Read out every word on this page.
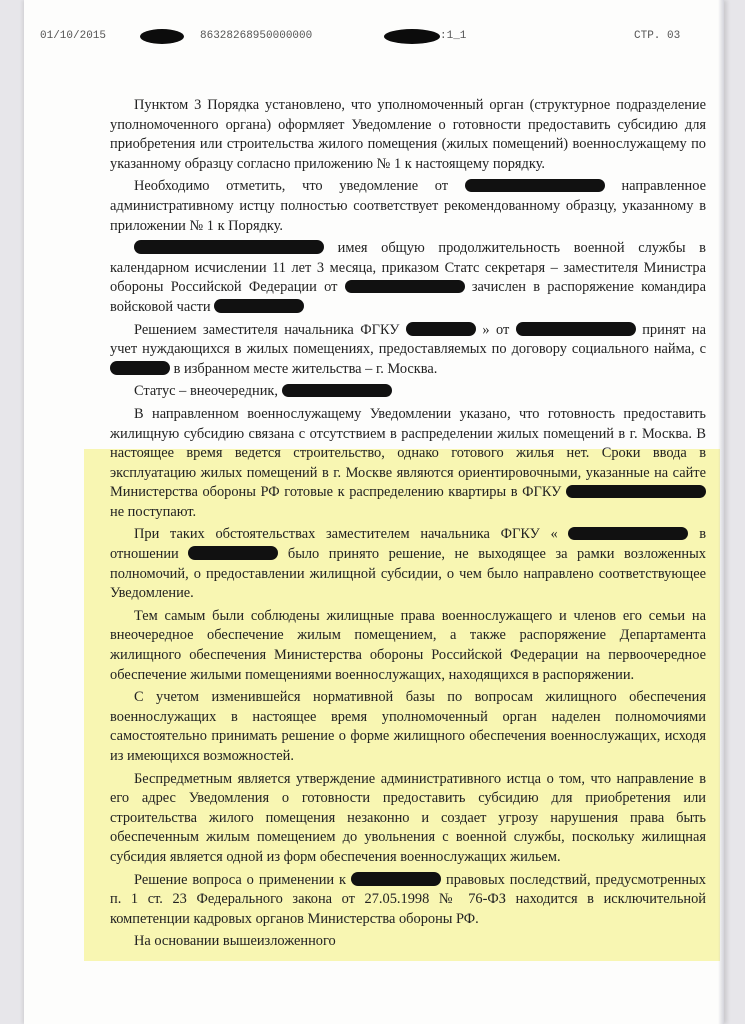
01/10/2015	86328268950000000	:1_1	СТР. 03

Пунктом 3 Порядка установлено, что уполномоченный орган (структурное подразделение уполномоченного органа) оформляет Уведомление о готовности предоставить субсидию для приобретения или строительства жилого помещения (жилых помещений) военнослужащему по указанному образцу согласно приложению № 1 к настоящему порядку.

Необходимо отметить, что уведомление от	направленное административному истцу полностью соответствует рекомендованному образцу, указанному в приложении № 1 к Порядку.

имея общую продолжительность военной службы в календарном исчислении 11 лет 3 месяца, приказом Статс секретаря – заместителя Министра обороны Российской Федерации от	зачислен в распоряжение командира войсковой части

Решением заместителя начальника ФГКУ	» от	принят на учет нуждающихся в жилых помещениях, предоставляемых по договору социального найма, с  в избранном месте жительства – г. Москва.

Статус – внеочередник,

В направленном военнослужащему Уведомлении указано, что готовность предоставить жилищную субсидию связана с отсутствием в распределении жилых помещений в г. Москва. В настоящее время ведется строительство, однако готового жилья нет. Сроки ввода в эксплуатацию жилых помещений в г. Москве являются ориентировочными, указанные на сайте Министерства обороны РФ готовые к распределению квартиры в ФГКУ  не поступают.

При таких обстоятельствах заместителем начальника ФГКУ «	в отношении	было принято решение, не выходящее за рамки возложенных полномочий, о предоставлении жилищной субсидии, о чем было направлено соответствующее Уведомление.

Тем самым были соблюдены жилищные права военнослужащего и членов его семьи на внеочередное обеспечение жилым помещением, а также распоряжение Департамента жилищного обеспечения Министерства обороны Российской Федерации на первоочередное обеспечение жилыми помещениями военнослужащих, находящихся в распоряжении.

С учетом изменившейся нормативной базы по вопросам жилищного обеспечения военнослужащих в настоящее время уполномоченный орган наделен полномочиями самостоятельно принимать решение о форме жилищного обеспечения военнослужащих, исходя из имеющихся возможностей.

Беспредметным является утверждение административного истца о том, что направление в его адрес Уведомления о готовности предоставить субсидию для приобретения или строительства жилого помещения незаконно и создает угрозу нарушения права быть обеспеченным жилым помещением до увольнения с военной службы, поскольку жилищная субсидия является одной из форм обеспечения военнослужащих жильем.

Решение вопроса о применении к	правовых последствий, предусмотренных п. 1 ст. 23 Федерального закона от 27.05.1998 № 76-ФЗ находится в исключительной компетенции кадровых органов Министерства обороны РФ.

На основании вышеизложенного
